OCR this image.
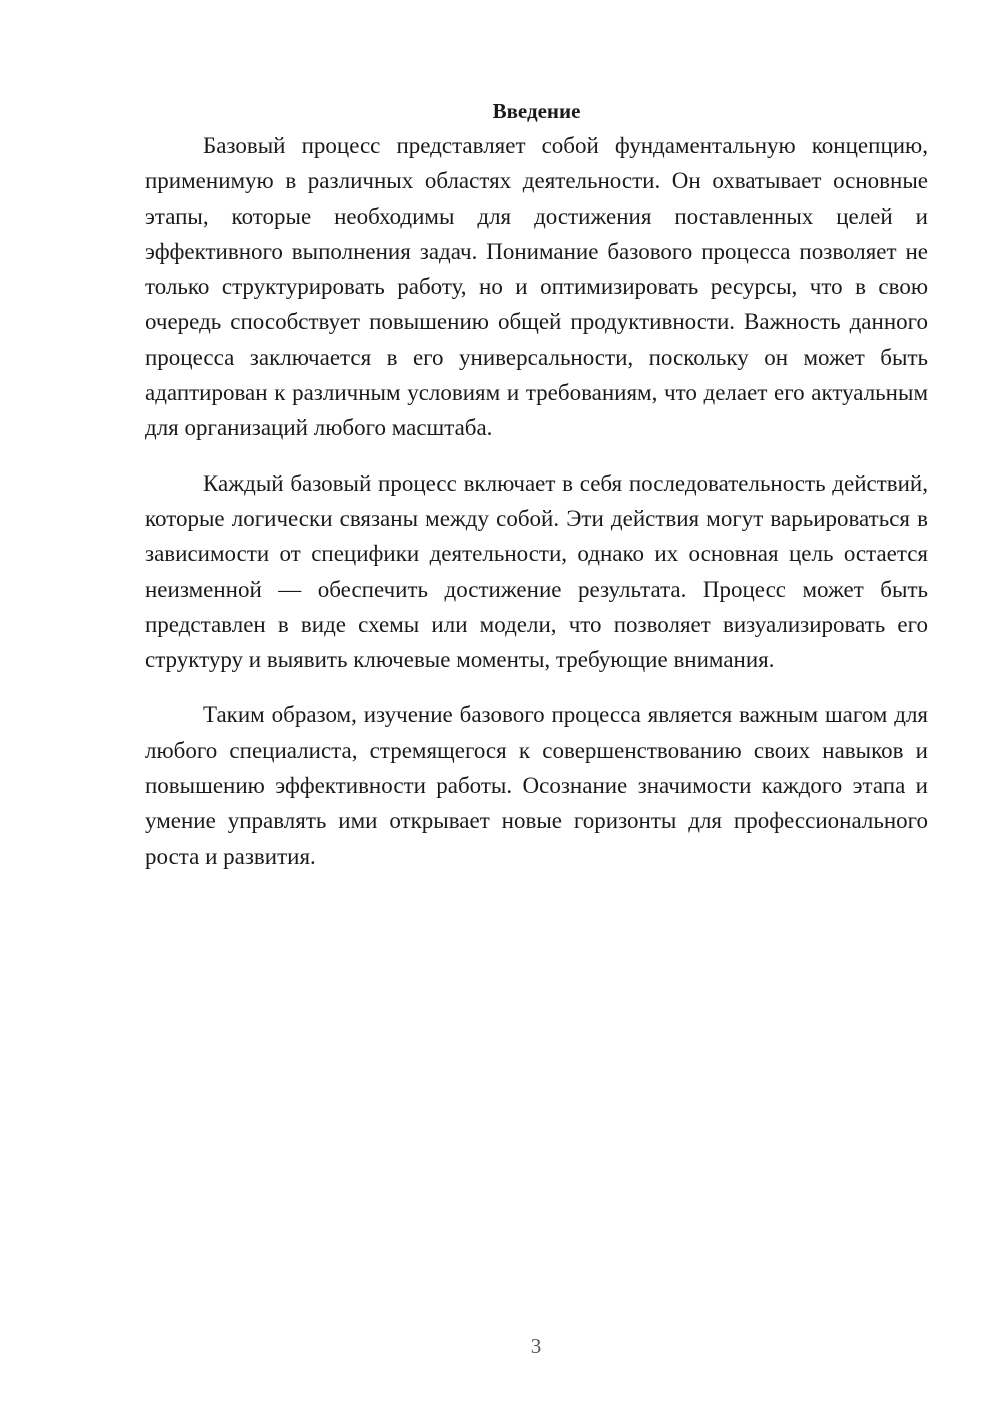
Введение

Базовый процесс представляет собой фундаментальную концепцию, применимую в различных областях деятельности. Он охватывает основные этапы, которые необходимы для достижения поставленных целей и эффективного выполнения задач. Понимание базового процесса позволяет не только структурировать работу, но и оптимизировать ресурсы, что в свою очередь способствует повышению общей продуктивности. Важность данного процесса заключается в его универсальности, поскольку он может быть адаптирован к различным условиям и требованиям, что делает его актуальным для организаций любого масштаба.

Каждый базовый процесс включает в себя последовательность действий, которые логически связаны между собой. Эти действия могут варьироваться в зависимости от специфики деятельности, однако их основная цель остается неизменной — обеспечить достижение результата. Процесс может быть представлен в виде схемы или модели, что позволяет визуализировать его структуру и выявить ключевые моменты, требующие внимания.

Таким образом, изучение базового процесса является важным шагом для любого специалиста, стремящегося к совершенствованию своих навыков и повышению эффективности работы. Осознание значимости каждого этапа и умение управлять ими открывает новые горизонты для профессионального роста и развития.

3
